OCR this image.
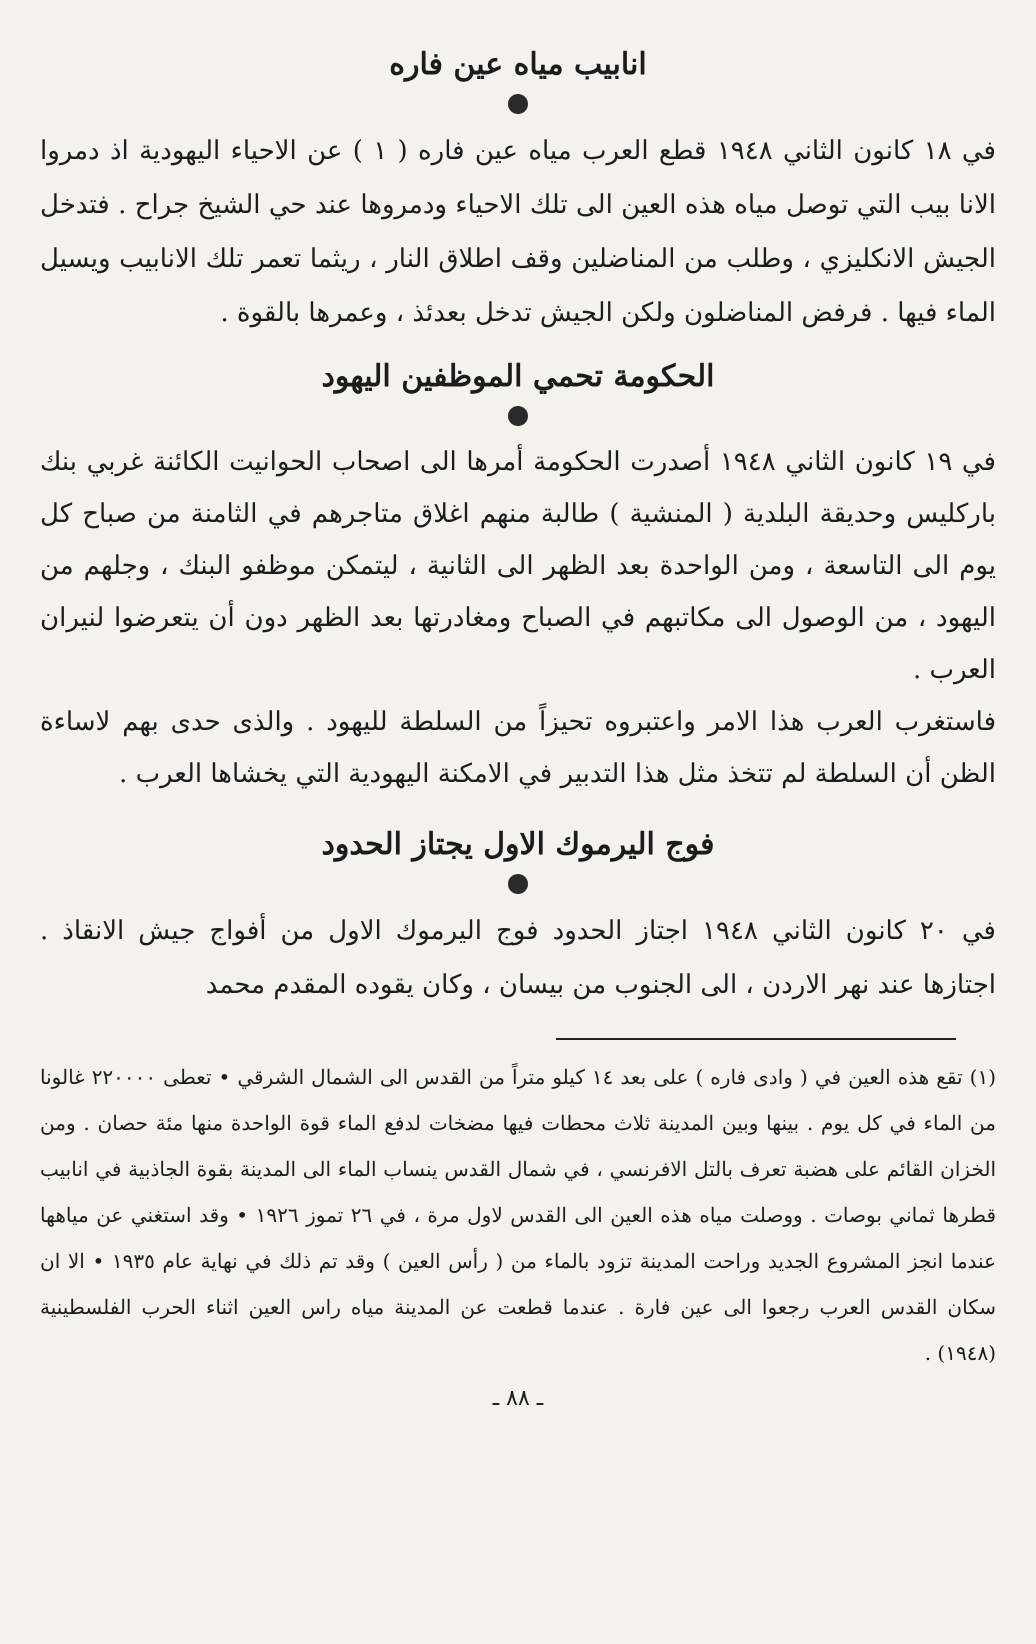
انابيب مياه عين فاره

في ١٨ كانون الثاني ١٩٤٨ قطع العرب مياه عين فاره ( ١ ) عن الاحياء اليهودية اذ دمروا الانا بيب التي توصل مياه هذه العين الى تلك الاحياء ودمروها عند حي الشيخ جراح . فتدخل الجيش الانكليزي ، وطلب من المناضلين وقف اطلاق النار ، ريثما تعمر تلك الانابيب ويسيل الماء فيها . فرفض المناضلون ولكن الجيش تدخل بعدئذ ، وعمرها بالقوة .

الحكومة تحمي الموظفين اليهود

في ١٩ كانون الثاني ١٩٤٨ أصدرت الحكومة أمرها الى اصحاب الحوانيت الكائنة غربي بنك باركليس وحديقة البلدية ( المنشية ) طالبة منهم اغلاق متاجرهم في الثامنة من صباح كل يوم الى التاسعة ، ومن الواحدة بعد الظهر الى الثانية ، ليتمكن موظفو البنك ، وجلهم من اليهود ، من الوصول الى مكاتبهم في الصباح ومغادرتها بعد الظهر دون أن يتعرضوا لنيران العرب .

فاستغرب العرب هذا الامر واعتبروه تحيزاً من السلطة لليهود . والذى حدى بهم لاساءة الظن أن السلطة لم تتخذ مثل هذا التدبير في الامكنة اليهودية التي يخشاها العرب .

فوج اليرموك الاول يجتاز الحدود

في ٢٠ كانون الثاني ١٩٤٨ اجتاز الحدود فوج اليرموك الاول من أفواج جيش الانقاذ . اجتازها عند نهر الاردن ، الى الجنوب من بيسان ، وكان يقوده المقدم محمد

(١) تقع هذه العين في ( وادى فاره ) على بعد ١٤ كيلو متراً من القدس الى الشمال الشرقي • تعطى ٢٢٠٠٠٠ غالونا من الماء في كل يوم . بينها وبين المدينة ثلاث محطات فيها مضخات لدفع الماء قوة الواحدة منها مئة حصان . ومن الخزان القائم على هضبة تعرف بالتل الافرنسي ، في شمال القدس ينساب الماء الى المدينة بقوة الجاذبية في انابيب قطرها ثماني بوصات . ووصلت مياه هذه العين الى القدس لاول مرة ، في ٢٦ تموز ١٩٢٦ • وقد استغني عن مياهها عندما انجز المشروع الجديد وراحت المدينة تزود بالماء من ( رأس العين ) وقد تم ذلك في نهاية عام ١٩٣٥ • الا ان سكان القدس العرب رجعوا الى عين فارة . عندما قطعت عن المدينة مياه راس العين اثناء الحرب الفلسطينية (١٩٤٨) .

ـ ٨٨ ـ
